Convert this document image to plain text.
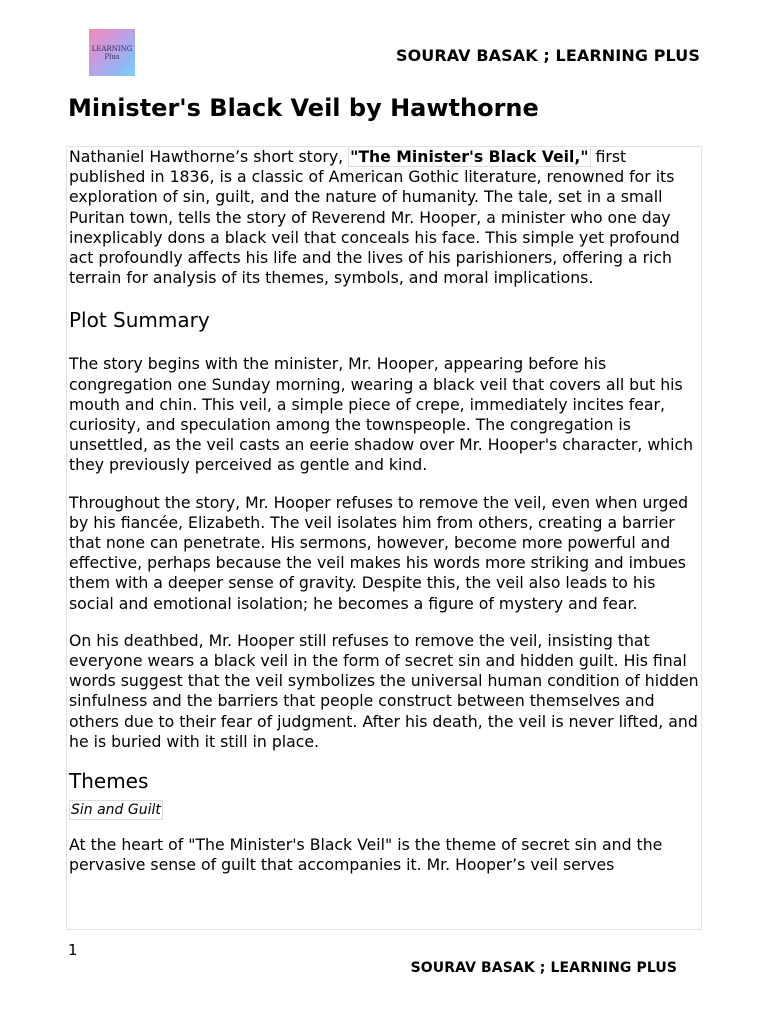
LEARNING
Plus	SOURAV BASAK ; LEARNING PLUS
Minister's Black Veil by Hawthorne

Nathaniel Hawthorne’s short story, "The Minister's Black Veil," first published in 1836, is a classic of American Gothic literature, renowned for its exploration of sin, guilt, and the nature of humanity. The tale, set in a small Puritan town, tells the story of Reverend Mr. Hooper, a minister who one day inexplicably dons a black veil that conceals his face. This simple yet profound act profoundly affects his life and the lives of his parishioners, offering a rich terrain for analysis of its themes, symbols, and moral implications.

Plot Summary

The story begins with the minister, Mr. Hooper, appearing before his congregation one Sunday morning, wearing a black veil that covers all but his mouth and chin. This veil, a simple piece of crepe, immediately incites fear, curiosity, and speculation among the townspeople. The congregation is unsettled, as the veil casts an eerie shadow over Mr. Hooper's character, which they previously perceived as gentle and kind.

Throughout the story, Mr. Hooper refuses to remove the veil, even when urged by his fiancée, Elizabeth. The veil isolates him from others, creating a barrier that none can penetrate. His sermons, however, become more powerful and effective, perhaps because the veil makes his words more striking and imbues them with a deeper sense of gravity. Despite this, the veil also leads to his social and emotional isolation; he becomes a figure of mystery and fear.

On his deathbed, Mr. Hooper still refuses to remove the veil, insisting that everyone wears a black veil in the form of secret sin and hidden guilt. His final words suggest that the veil symbolizes the universal human condition of hidden sinfulness and the barriers that people construct between themselves and others due to their fear of judgment. After his death, the veil is never lifted, and he is buried with it still in place.

Themes
Sin and Guilt

At the heart of "The Minister's Black Veil" is the theme of secret sin and the pervasive sense of guilt that accompanies it. Mr. Hooper’s veil serves

1
SOURAV BASAK ; LEARNING PLUS
